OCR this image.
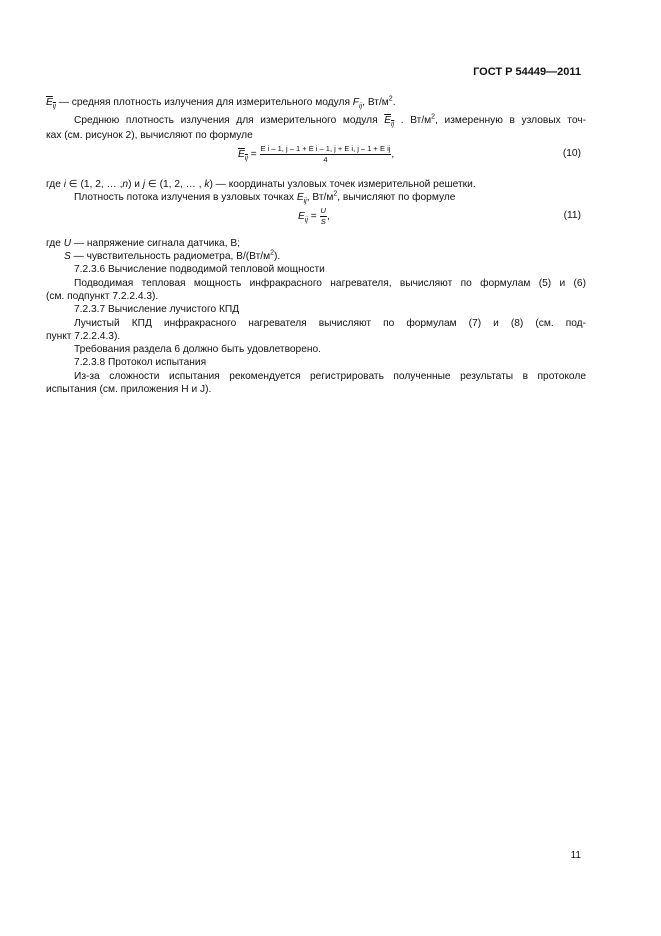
ГОСТ Р 54449—2011
$E_{ij}$ — средняя плотность излучения для измерительного модуля $F_{ij}$, $Вт/м^2$.
Среднюю плотность излучения для измерительного модуля $E_{ij}$ . $Вт/м^2$, измеренную в узловых точ-
ках (см. рисунок 2), вычисляют по формуле
$E_{ij} = \frac{\text{E i – 1, j – 1 + E i – 1, j + E i, j – 1 + E ij}}{4}$ ,	(10)
где i ∈ (1, 2, … ,n) и j ∈ (1, 2, … , k) — координаты узловых точек измерительной решетки.
Плотность потока излучения в узловых точках $E_{ij}$, $Вт/м^2$, вычисляют по формуле
$E_{ij} = \frac{U}{S}$ ,	(11)
где U — напряжение сигнала датчика, В;
S — чувствительность радиометра, $В/(Вт/м^2)$.
7.2.3.6 Вычисление подводимой тепловой мощности
Подводимая тепловая мощность инфракрасного нагревателя, вычисляют по формулам (5) и (6)
(см. подпункт 7.2.2.4.3).
7.2.3.7 Вычисление лучистого КПД
Лучистый КПД инфракрасного нагревателя вычисляют по формулам (7) и (8) (см. под-
пункт 7.2.2.4.3).
Требования раздела 6 должно быть удовлетворено.
7.2.3.8 Протокол испытания
Из-за сложности испытания рекомендуется регистрировать полученные результаты в протоколе
испытания (см. приложения Н и J).
11
